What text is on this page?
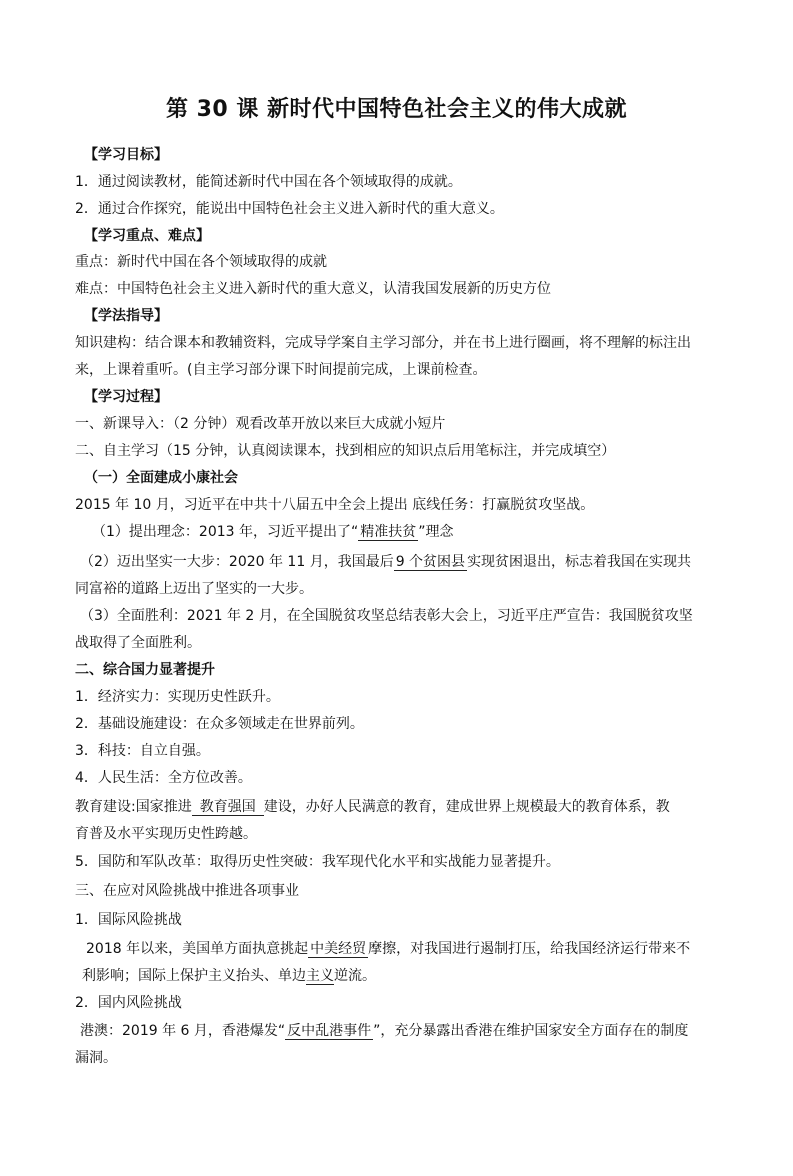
第 30 课 新时代中国特色社会主义的伟大成就
【学习目标】
1．通过阅读教材，能简述新时代中国在各个领域取得的成就。
2．通过合作探究，能说出中国特色社会主义进入新时代的重大意义。
【学习重点、难点】
重点：新时代中国在各个领域取得的成就
难点：中国特色社会主义进入新时代的重大意义，认清我国发展新的历史方位
【学法指导】
知识建构：结合课本和教辅资料，完成导学案自主学习部分，并在书上进行圈画，将不理解的标注出
来，上课着重听。(自主学习部分课下时间提前完成，上课前检查。
【学习过程】
一、新课导入：（2 分钟）观看改革开放以来巨大成就小短片
二、自主学习（15 分钟，认真阅读课本，找到相应的知识点后用笔标注，并完成填空）
（一）全面建成小康社会
2015 年 10 月，习近平在中共十八届五中全会上提出 底线任务：打赢脱贫攻坚战。
（1）提出理念：2013 年，习近平提出了“ 精准扶贫 ”理念
（2）迈出坚实一大步：2020 年 11 月，我国最后 9 个贫困县 实现贫困退出，标志着我国在实现共
同富裕的道路上迈出了坚实的一大步。
（3）全面胜利：2021 年 2 月，在全国脱贫攻坚总结表彰大会上，习近平庄严宣告：我国脱贫攻坚
战取得了全面胜利。
二、综合国力显著提升
1．经济实力：实现历史性跃升。
2．基础设施建设：在众多领域走在世界前列。
3．科技：自立自强。
4．人民生活：全方位改善。
教育建设:国家推进 教育强国 建设，办好人民满意的教育，建成世界上规模最大的教育体系，教
育普及水平实现历史性跨越。
5．国防和军队改革：取得历史性突破：我军现代化水平和实战能力显著提升。
三、在应对风险挑战中推进各项事业
1．国际风险挑战
2018 年以来，美国单方面执意挑起 中美经贸 摩擦，对我国进行遏制打压，给我国经济运行带来不
利影响；国际上保护主义抬头、单边主义逆流。
2．国内风险挑战
港澳：2019 年 6 月，香港爆发“ 反中乱港事件 ”，充分暴露出香港在维护国家安全方面存在的制度
漏洞。
